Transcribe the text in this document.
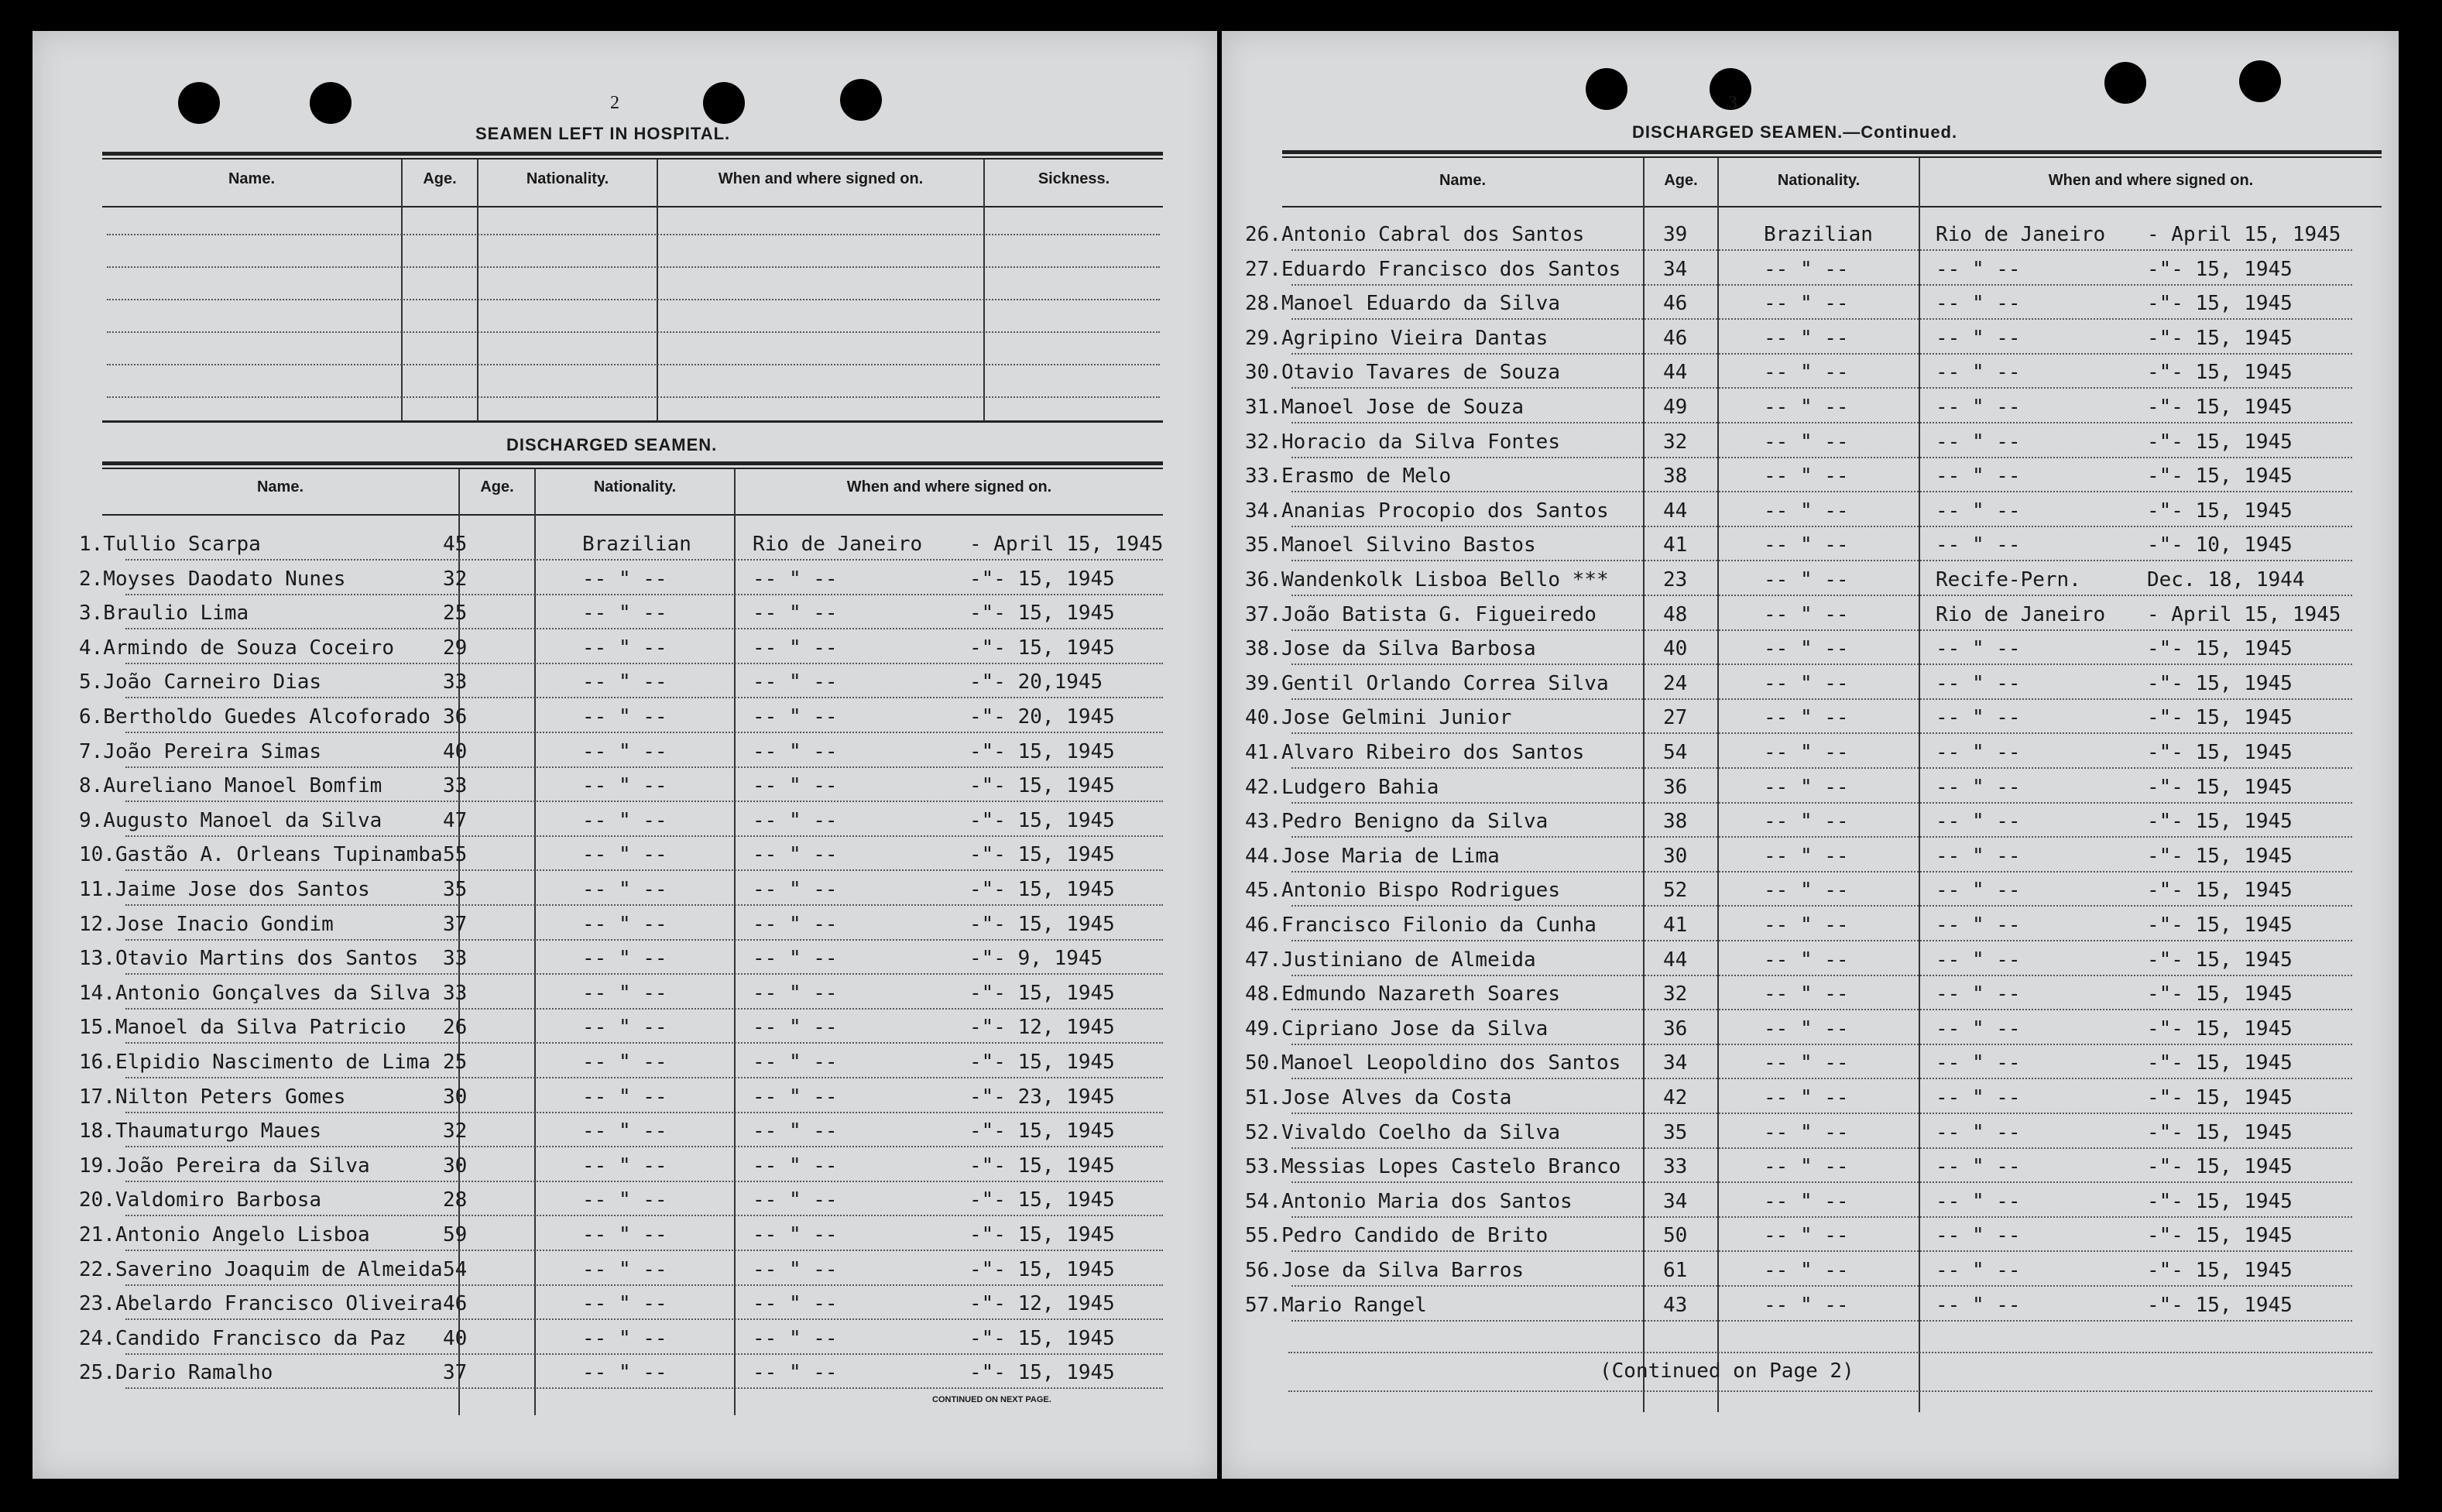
2
SEAMEN LEFT IN HOSPITAL.
Name.	Age.	Nationality.	When and where signed on.	Sickness.
DISCHARGED SEAMEN.
Name.	Age.	Nationality.	When and where signed on.
1.Tullio Scarpa	45	Brazilian	Rio de Janeiro - April 15, 1945
2.Moyses Daodato Nunes	32	-- " --	-- " --	-"- 15, 1945
3.Braulio Lima	25	-- " --	-- " --	-"- 15, 1945
4.Armindo de Souza Coceiro 29	-- " --	-- " --	-"- 15, 1945
5.João Carneiro Dias	33	-- " --	-- " --	-"- 20,1945
6.Bertholdo Guedes Alcoforado 36	-- " --	-- " --	-"- 20, 1945
7.João Pereira Simas	40	-- " --	-- " --	-"- 15, 1945
8.Aureliano Manoel Bomfim	33	-- " --	-- " --	-"- 15, 1945
9.Augusto Manoel da Silva	47	-- " --	-- " --	-"- 15, 1945
10.Gastão A. Orleans Tupinamba 55	-- " --	-- " --	-"- 15, 1945
11.Jaime Jose dos Santos	35	-- " --	-- " --	-"- 15, 1945
12.Jose Inacio Gondim	37	-- " --	-- " --	-"- 15, 1945
13.Otavio Martins dos Santos 33	-- " --	-- " --	-"- 9, 1945
14.Antonio Gonçalves da Silva 33	-- " --	-- " --	-"- 15, 1945
15.Manoel da Silva Patricio 26	-- " --	-- " --	-"- 12, 1945
16.Elpidio Nascimento de Lima 25	-- " --	-- " --	-"- 15, 1945
17.Nilton Peters Gomes	30	-- " --	-- " --	-"- 23, 1945
18.Thaumaturgo Maues	32	-- " --	-- " --	-"- 15, 1945
19.João Pereira da Silva	30	-- " --	-- " --	-"- 15, 1945
20.Valdomiro Barbosa	28	-- " --	-- " --	-"- 15, 1945
21.Antonio Angelo Lisboa	59	-- " --	-- " --	-"- 15, 1945
22.Saverino Joaquim de Almeida 54	-- " --	-- " --	-"- 15, 1945
23.Abelardo Francisco Oliveira 46	-- " --	-- " --	-"- 12, 1945
24.Candido Francisco da Paz 40	-- " --	-- " --	-"- 15, 1945
25.Dario Ramalho	37	-- " --	-- " --	-"- 15, 1945
CONTINUED ON NEXT PAGE.
3
DISCHARGED SEAMEN.—Continued.
Name.	Age.	Nationality.	When and where signed on.
26.Antonio Cabral dos Santos	39	Brazilian	Rio de Janeiro - April 15, 1945
27.Eduardo Francisco dos Santos 34	-- " --	-- " --	-"- 15, 1945
28.Manoel Eduardo da Silva	46	-- " --	-- " --	-"- 15, 1945
29.Agripino Vieira Dantas	46	-- " --	-- " --	-"- 15, 1945
30.Otavio Tavares de Souza	44	-- " --	-- " --	-"- 15, 1945
31.Manoel Jose de Souza	49	-- " --	-- " --	-"- 15, 1945
32.Horacio da Silva Fontes	32	-- " --	-- " --	-"- 15, 1945
33.Erasmo de Melo	38	-- " --	-- " --	-"- 15, 1945
34.Ananias Procopio dos Santos	44	-- " --	-- " --	-"- 15, 1945
35.Manoel Silvino Bastos	41	-- " --	-- " --	-"- 10, 1945
36.Wandenkolk Lisboa Bello ***	23	-- " --	Recife-Pern.	Dec. 18, 1944
37.João Batista G. Figueiredo	48	-- " --	Rio de Janeiro - April 15, 1945
38.Jose da Silva Barbosa	40	-- " --	-- " --	-"- 15, 1945
39.Gentil Orlando Correa Silva	24	-- " --	-- " --	-"- 15, 1945
40.Jose Gelmini Junior	27	-- " --	-- " --	-"- 15, 1945
41.Alvaro Ribeiro dos Santos	54	-- " --	-- " --	-"- 15, 1945
42.Ludgero Bahia	36	-- " --	-- " --	-"- 15, 1945
43.Pedro Benigno da Silva	38	-- " --	-- " --	-"- 15, 1945
44.Jose Maria de Lima	30	-- " --	-- " --	-"- 15, 1945
45.Antonio Bispo Rodrigues	52	-- " --	-- " --	-"- 15, 1945
46.Francisco Filonio da Cunha	41	-- " --	-- " --	-"- 15, 1945
47.Justiniano de Almeida	44	-- " --	-- " --	-"- 15, 1945
48.Edmundo Nazareth Soares	32	-- " --	-- " --	-"- 15, 1945
49.Cipriano Jose da Silva	36	-- " --	-- " --	-"- 15, 1945
50.Manoel Leopoldino dos Santos 34	-- " --	-- " --	-"- 15, 1945
51.Jose Alves da Costa	42	-- " --	-- " --	-"- 15, 1945
52.Vivaldo Coelho da Silva	35	-- " --	-- " --	-"- 15, 1945
53.Messias Lopes Castelo Branco 33	-- " --	-- " --	-"- 15, 1945
54.Antonio Maria dos Santos	34	-- " --	-- " --	-"- 15, 1945
55.Pedro Candido de Brito	50	-- " --	-- " --	-"- 15, 1945
56.Jose da Silva Barros	61	-- " --	-- " --	-"- 15, 1945
57.Mario Rangel	43	-- " --	-- " --	-"- 15, 1945
(Continued on Page 2)
